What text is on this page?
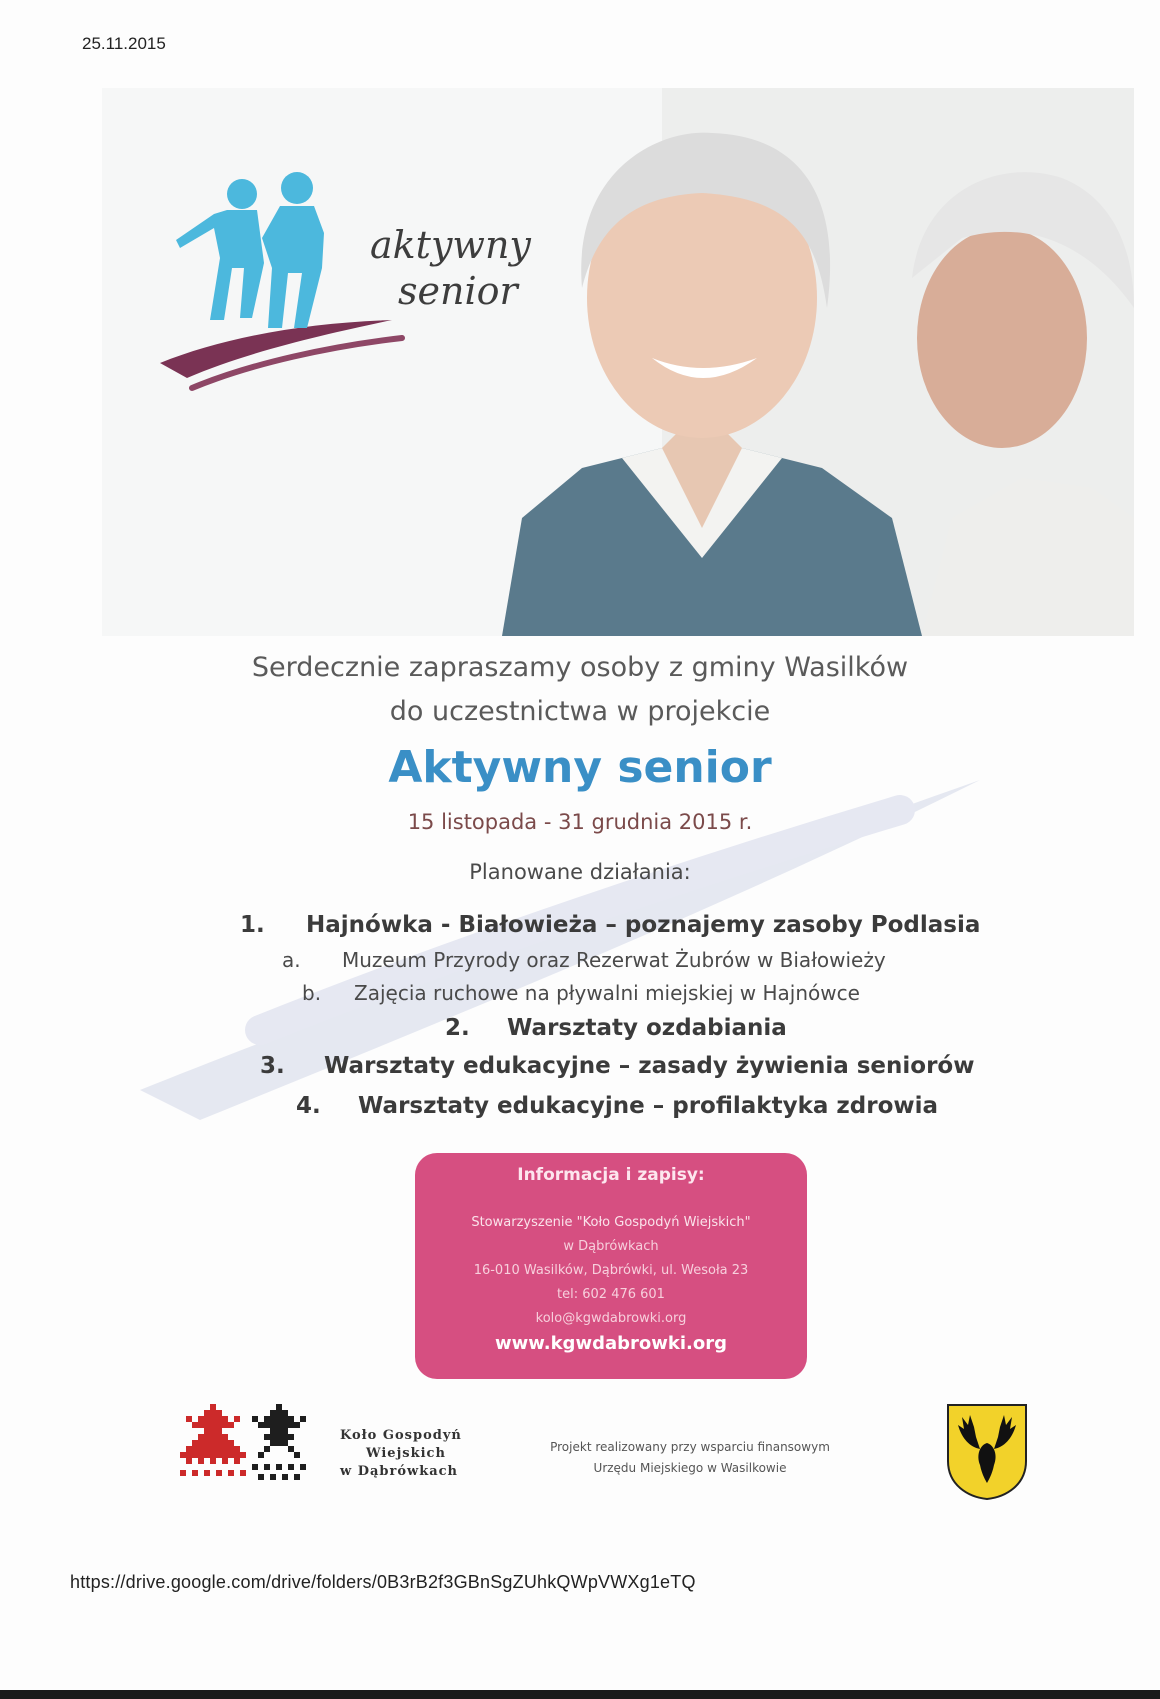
25.11.2015
aktywny
senior
Serdecznie zapraszamy osoby z gminy Wasilków
do uczestnictwa w projekcie
Aktywny senior
15 listopada - 31 grudnia 2015 r.
Planowane działania:
1. Hajnówka - Białowieża – poznajemy zasoby Podlasia
a. Muzeum Przyrody oraz Rezerwat Żubrów w Białowieży
b. Zajęcia ruchowe na pływalni miejskiej w Hajnówce
2. Warsztaty ozdabiania
3. Warsztaty edukacyjne – zasady żywienia seniorów
4. Warsztaty edukacyjne – profilaktyka zdrowia
Informacja i zapisy:
Stowarzyszenie "Koło Gospodyń Wiejskich"
w Dąbrówkach
16-010 Wasilków, Dąbrówki, ul. Wesoła 23
tel: 602 476 601
kolo@kgwdabrowki.org
www.kgwdabrowki.org
Koło Gospodyń
Wiejskich
w Dąbrówkach
Projekt realizowany przy wsparciu finansowym
Urzędu Miejskiego w Wasilkowie
https://drive.google.com/drive/folders/0B3rB2f3GBnSgZUhkQWpVWXg1eTQ
